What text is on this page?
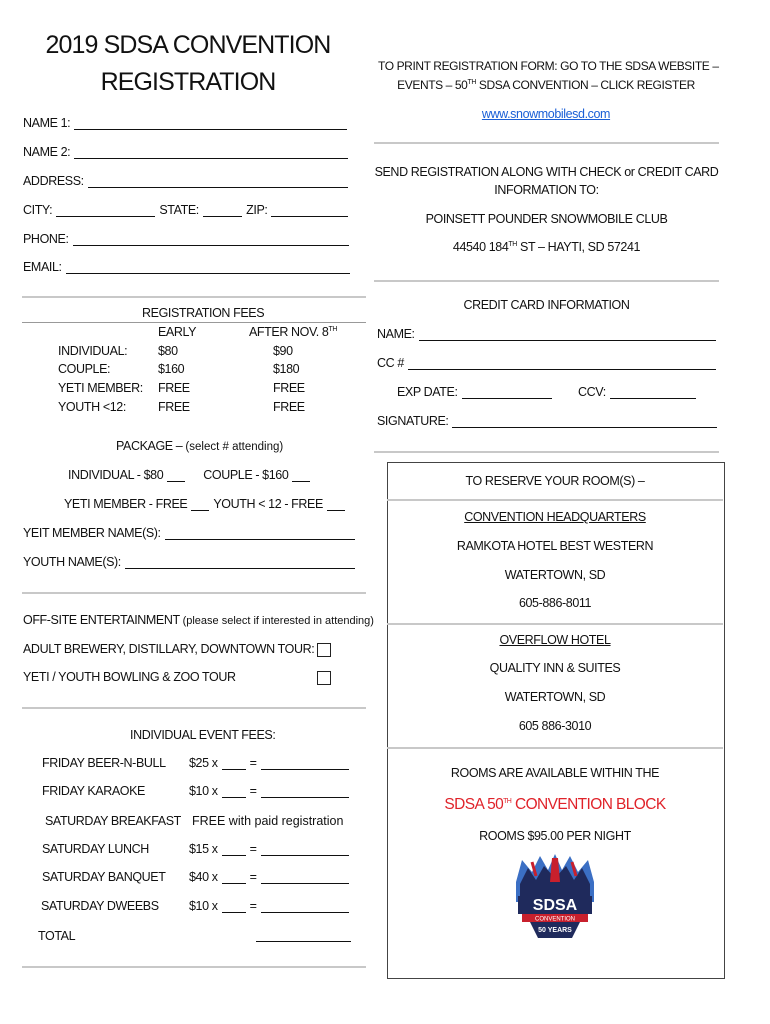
2019 SDSA CONVENTION
REGISTRATION
TO PRINT REGISTRATION FORM: GO TO THE SDSA WEBSITE –
EVENTS – 50TH SDSA CONVENTION – CLICK REGISTER
www.snowmobilesd.com
NAME 1:
NAME 2:
ADDRESS:
CITY:	STATE:	ZIP:
PHONE:
EMAIL:
SEND REGISTRATION ALONG WITH CHECK or CREDIT CARD
INFORMATION TO:
POINSETT POUNDER SNOWMOBILE CLUB
44540 184TH ST – HAYTI, SD 57241
REGISTRATION FEES
EARLY	AFTER NOV. 8TH
INDIVIDUAL: $80	$90
COUPLE:	$160	$180
YETI MEMBER: FREE	FREE
YOUTH <12:	FREE	FREE
CREDIT CARD INFORMATION
NAME:
CC #
EXP DATE:	CCV:
SIGNATURE:
PACKAGE – (select # attending)
INDIVIDUAL - $80	COUPLE - $160
YETI MEMBER - FREE YOUTH < 12 - FREE
YEIT MEMBER NAME(S):
YOUTH NAME(S):
OFF-SITE ENTERTAINMENT (please select if interested in attending)
ADULT BREWERY, DISTILLARY, DOWNTOWN TOUR:
YETI / YOUTH BOWLING & ZOO TOUR
INDIVIDUAL EVENT FEES:
FRIDAY BEER-N-BULL $25 x	=
FRIDAY KARAOKE	$10 x	=
SATURDAY BREAKFAST FREE with paid registration
SATURDAY LUNCH	$15 x	=
SATURDAY BANQUET $40 x	=
SATURDAY DWEEBS $10 x	=
TOTAL
TO RESERVE YOUR ROOM(S) –
CONVENTION HEADQUARTERS
RAMKOTA HOTEL BEST WESTERN
WATERTOWN, SD
605-886-8011
OVERFLOW HOTEL
QUALITY INN & SUITES
WATERTOWN, SD
605 886-3010
ROOMS ARE AVAILABLE WITHIN THE
SDSA 50TH CONVENTION BLOCK
ROOMS $95.00 PER NIGHT
SDSA
CONVENTION
50 YEARS
